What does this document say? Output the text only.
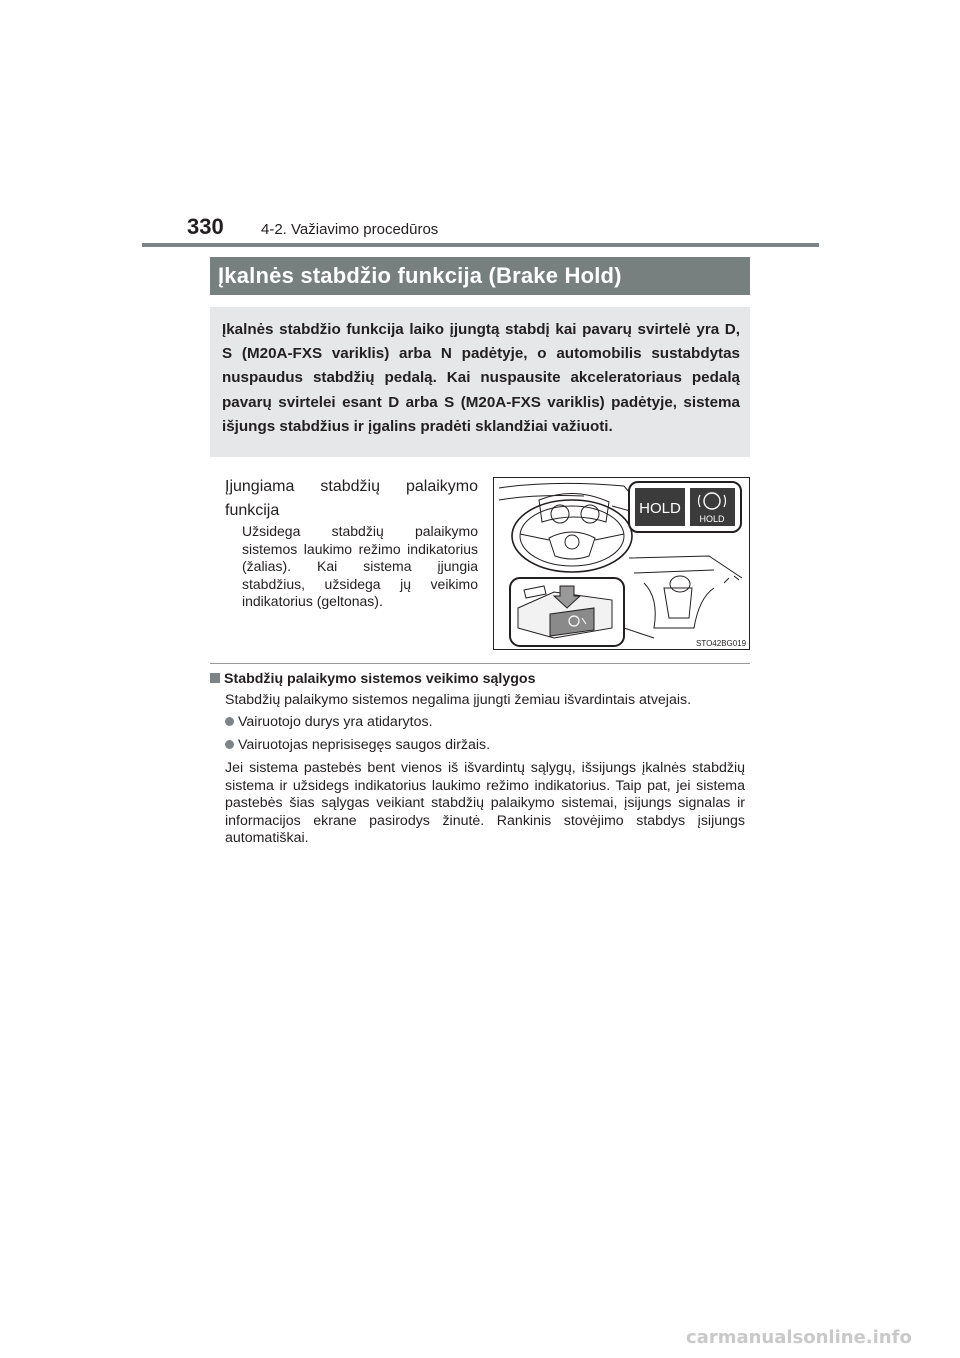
330 4-2. Važiavimo procedūros
Įkalnės stabdžio funkcija (Brake Hold)
Įkalnės stabdžio funkcija laiko įjungtą stabdį kai pavarų svirtelė yra D, S (M20A-FXS variklis) arba N padėtyje, o automobilis sustabdytas nuspaudus stabdžių pedalą. Kai nuspausite akceleratoriaus pedalą pavarų svirtelei esant D arba S (M20A-FXS variklis) padėtyje, sistema išjungs stabdžius ir įgalins pradėti sklandžiai važiuoti.
Įjungiama stabdžių palaikymo
funkcija
Užsidega stabdžių palaikymo sistemos laukimo režimo indikatorius (žalias). Kai sistema įjungia stabdžius, užsidega jų veikimo indikatorius (geltonas).
HOLD
HOLD
STO42BG019
Stabdžių palaikymo sistemos veikimo sąlygos
Stabdžių palaikymo sistemos negalima įjungti žemiau išvardintais atvejais.
Vairuotojo durys yra atidarytos.
Vairuotojas neprisisegęs saugos diržais.
Jei sistema pastebės bent vienos iš išvardintų sąlygų, išsijungs įkalnės stabdžių sistema ir užsidegs indikatorius laukimo režimo indikatorius. Taip pat, jei sistema pastebės šias sąlygas veikiant stabdžių palaikymo sistemai, įsijungs signalas ir informacijos ekrane pasirodys žinutė. Rankinis stovėjimo stabdys įsijungs automatiškai.
carmanualsonline.info
